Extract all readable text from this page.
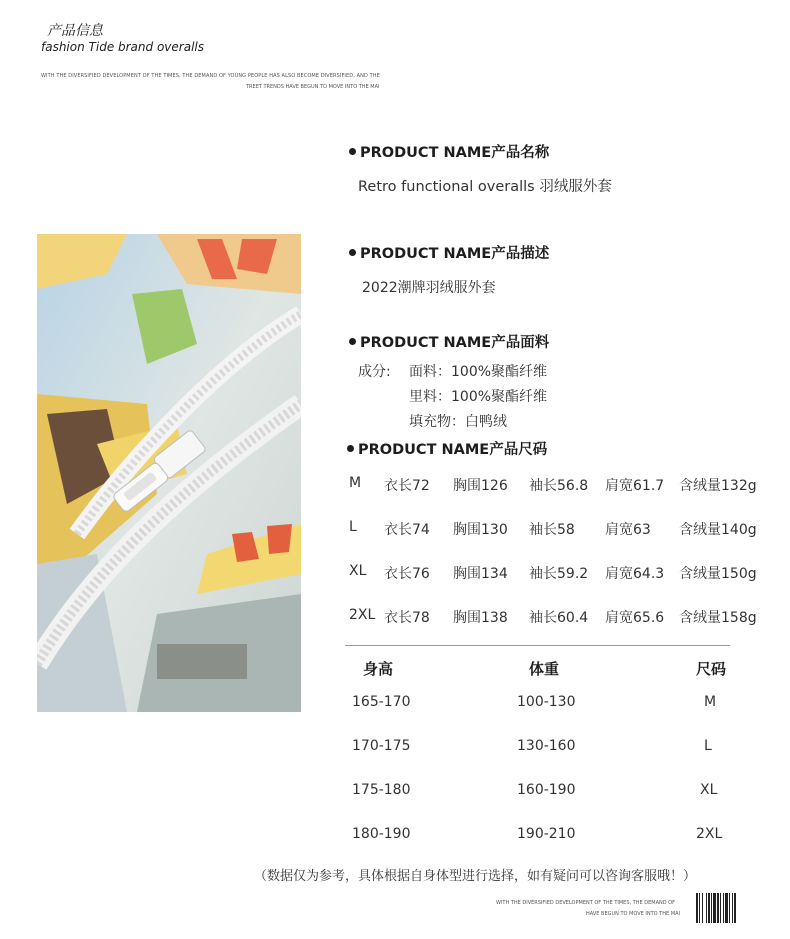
产品信息
fashion Tide brand overalls
WITH THE DIVERSIFIED DEVELOPMENT OF THE TIMES, THE DEMAND OF YOUNG PEOPLE HAS ALSO BECOME DIVERSIFIED, AND THE
TREET TRENDS HAVE BEGUN TO MOVE INTO THE MAI
PRODUCT NAME产品名称
Retro functional overalls 羽绒服外套
PRODUCT NAME产品描述
2022潮牌羽绒服外套
PRODUCT NAME产品面料
成分: 面料：100%聚酯纤维
里料：100%聚酯纤维
填充物：白鸭绒
PRODUCT NAME产品尺码
M 衣长72 胸围126 袖长56.8 肩宽61.7 含绒量132g
L 衣长74 胸围130 袖长58 肩宽63 含绒量140g
XL 衣长76 胸围134 袖长59.2 肩宽64.3 含绒量150g
2XL 衣长78 胸围138 袖长60.4 肩宽65.6 含绒量158g
身高	体重	尺码
165-170	100-130	M
170-175	130-160	L
175-180	160-190	XL
180-190	190-210	2XL
（数据仅为参考，具体根据自身体型进行选择，如有疑问可以咨询客服哦！）
WITH THE DIVERSIFIED DEVELOPMENT OF THE TIMES, THE DEMAND OF
HAVE BEGUN TO MOVE INTO THE MAI
